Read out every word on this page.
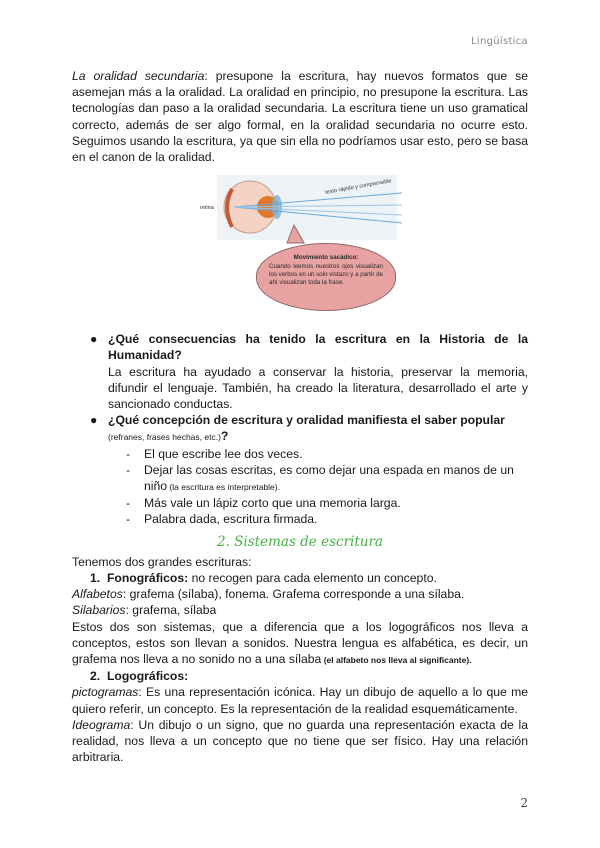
Lingüística

La oralidad secundaria: presupone la escritura, hay nuevos formatos que se asemejan más a la oralidad. La oralidad en principio, no presupone la escritura. Las tecnologías dan paso a la oralidad secundaria. La escritura tiene un uso gramatical correcto, además de ser algo formal, en la oralidad secundaria no ocurre esto. Seguimos usando la escritura, ya que sin ella no podríamos usar esto, pero se basa en el canon de la oralidad.

retina
texto rápido y comprensible
Movimiento sacádico:
Cuando leemos nuestros ojos visualizan los verbos en un solo vistazo y a partir de ahí visualizan toda la frase.
● ¿Qué consecuencias ha tenido la escritura en la Historia de la Humanidad?

La escritura ha ayudado a conservar la historia, preservar la memoria, difundir el lenguaje. También, ha creado la literatura, desarrollado el arte y sancionado conductas.

● ¿Qué concepción de escritura y oralidad manifiesta el saber popular
(refranes, frases hechas, etc.)?
- El que escribe lee dos veces.
- Dejar las cosas escritas, es como dejar una espada en manos de un niño (la escritura es interpretable).
- Más vale un lápiz corto que una memoria larga.
- Palabra dada, escritura firmada.
2. Sistemas de escritura

Tenemos dos grandes escrituras:

1. Fonográficos: no recogen para cada elemento un concepto.

Alfabetos: grafema (sílaba), fonema. Grafema corresponde a una sílaba.

Silabarios: grafema, sílaba

Estos dos son sistemas, que a diferencia que a los logográficos nos lleva a conceptos, estos son llevan a sonidos. Nuestra lengua es alfabética, es decir, un grafema nos lleva a no sonido no a una sílaba (el alfabeto nos lleva al significante).

2. Logográficos:

pictogramas: Es una representación icónica. Hay un dibujo de aquello a lo que me quiero referir, un concepto. Es la representación de la realidad esquemáticamente.

Ideograma: Un dibujo o un signo, que no guarda una representación exacta de la realidad, nos lleva a un concepto que no tiene que ser físico. Hay una relación arbitraria.

2
